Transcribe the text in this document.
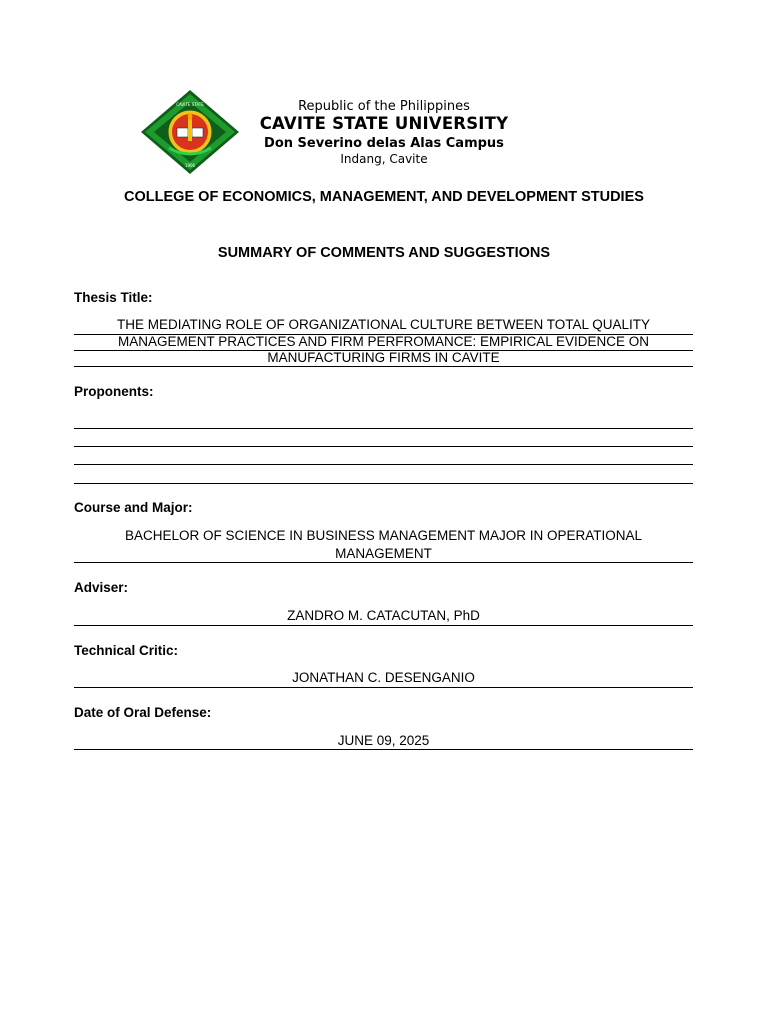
CAVITE STATE
1906
Republic of the Philippines
CAVITE STATE UNIVERSITY
Don Severino delas Alas Campus
Indang, Cavite
COLLEGE OF ECONOMICS, MANAGEMENT, AND DEVELOPMENT STUDIES
SUMMARY OF COMMENTS AND SUGGESTIONS
Thesis Title:
THE MEDIATING ROLE OF ORGANIZATIONAL CULTURE BETWEEN TOTAL QUALITY
MANAGEMENT PRACTICES AND FIRM PERFROMANCE: EMPIRICAL EVIDENCE ON
MANUFACTURING FIRMS IN CAVITE
Proponents:
Course and Major:
BACHELOR OF SCIENCE IN BUSINESS MANAGEMENT MAJOR IN OPERATIONAL
MANAGEMENT
Adviser:
ZANDRO M. CATACUTAN, PhD
Technical Critic:
JONATHAN C. DESENGANIO
Date of Oral Defense:
JUNE 09, 2025
